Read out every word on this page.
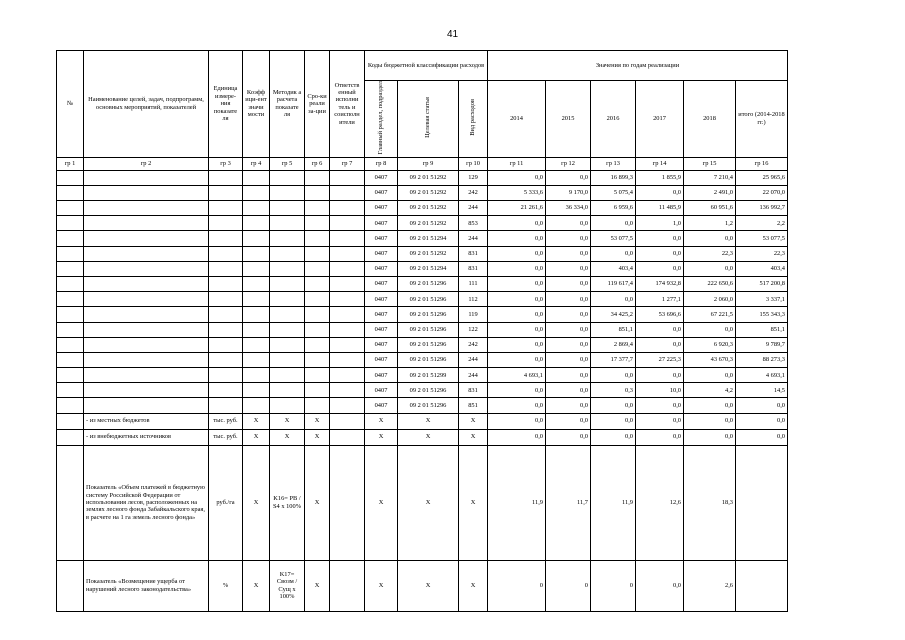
41
№	Наименование целей, задач, подпрограмм, основных мероприятий, показателей	Единица измере-ния показате ля	Коэфф ици-ент значи мости	Методик а расчета показате ля	Сро-ки реали за-ции	Ответств енный исполни тель и соисполн ители	Коды бюджетной классификации расходов			Значения по годам реализации					
							Главный раздел, подраздел	Целевая статья	Вид расходов	2014	2015	2016	2017	2018	итого (2014-2018 гг.)
гр 1	гр 2	гр 3	гр 4	гр 5	гр 6	гр 7	гр 8	гр 9	гр 10	гр 11	гр 12	гр 13	гр 14	гр 15	гр 16
							0407	09 2 01 51292	129	0,0	0,0	16 899,3	1 855,9	7 210,4	25 965,6
							0407	09 2 01 51292	242	5 333,6	9 170,0	5 075,4	0,0	2 491,0	22 070,0
							0407	09 2 01 51292	244	21 261,6	36 334,0	6 959,6	11 485,9	60 951,6	136 992,7
							0407	09 2 01 51292	853	0,0	0,0	0,0	1,0	1,2	2,2
							0407	09 2 01 51294	244	0,0	0,0	53 077,5	0,0	0,0	53 077,5
							0407	09 2 01 51292	831	0,0	0,0	0,0	0,0	22,3	22,3
							0407	09 2 01 51294	831	0,0	0,0	403,4	0,0	0,0	403,4
							0407	09 2 01 51296	111	0,0	0,0	119 617,4	174 932,8	222 650,6	517 200,8
							0407	09 2 01 51296	112	0,0	0,0	0,0	1 277,1	2 060,0	3 337,1
							0407	09 2 01 51296	119	0,0	0,0	34 425,2	53 696,6	67 221,5	155 343,3
							0407	09 2 01 51296	122	0,0	0,0	851,1	0,0	0,0	851,1
							0407	09 2 01 51296	242	0,0	0,0	2 869,4	0,0	6 920,3	9 789,7
							0407	09 2 01 51296	244	0,0	0,0	17 377,7	27 225,3	43 670,3	88 273,3
							0407	09 2 01 51299	244	4 693,1	0,0	0,0	0,0	0,0	4 693,1
							0407	09 2 01 51296	831	0,0	0,0	0,3	10,0	4,2	14,5
							0407	09 2 01 51296	851	0,0	0,0	0,0	0,0	0,0	0,0
	- из местных бюджетов	тыс. руб.	X	X	X		X	X	X	0,0	0,0	0,0	0,0	0,0	0,0
	- из внебюджетных источников	тыс. руб.	X	X	X		X	X	X	0,0	0,0	0,0	0,0	0,0	0,0
	Показатель «Объем платежей в бюджетную систему Российской Федерации от использования лесов, расположенных на землях лесного фонда Забайкальского края, в расчете на 1 га земель лесного фонда»	руб./га	X	K16= PB / S4 x 100%	X		X	X	X	11,9	11,7	11,9	12,6	18,3	
	Показатель «Возмещение ущерба от нарушений лесного законодательства»	%	X	K17= Cвозм / Cущ x 100%	X		X	X	X	0	0	0	0,0	2,6	
